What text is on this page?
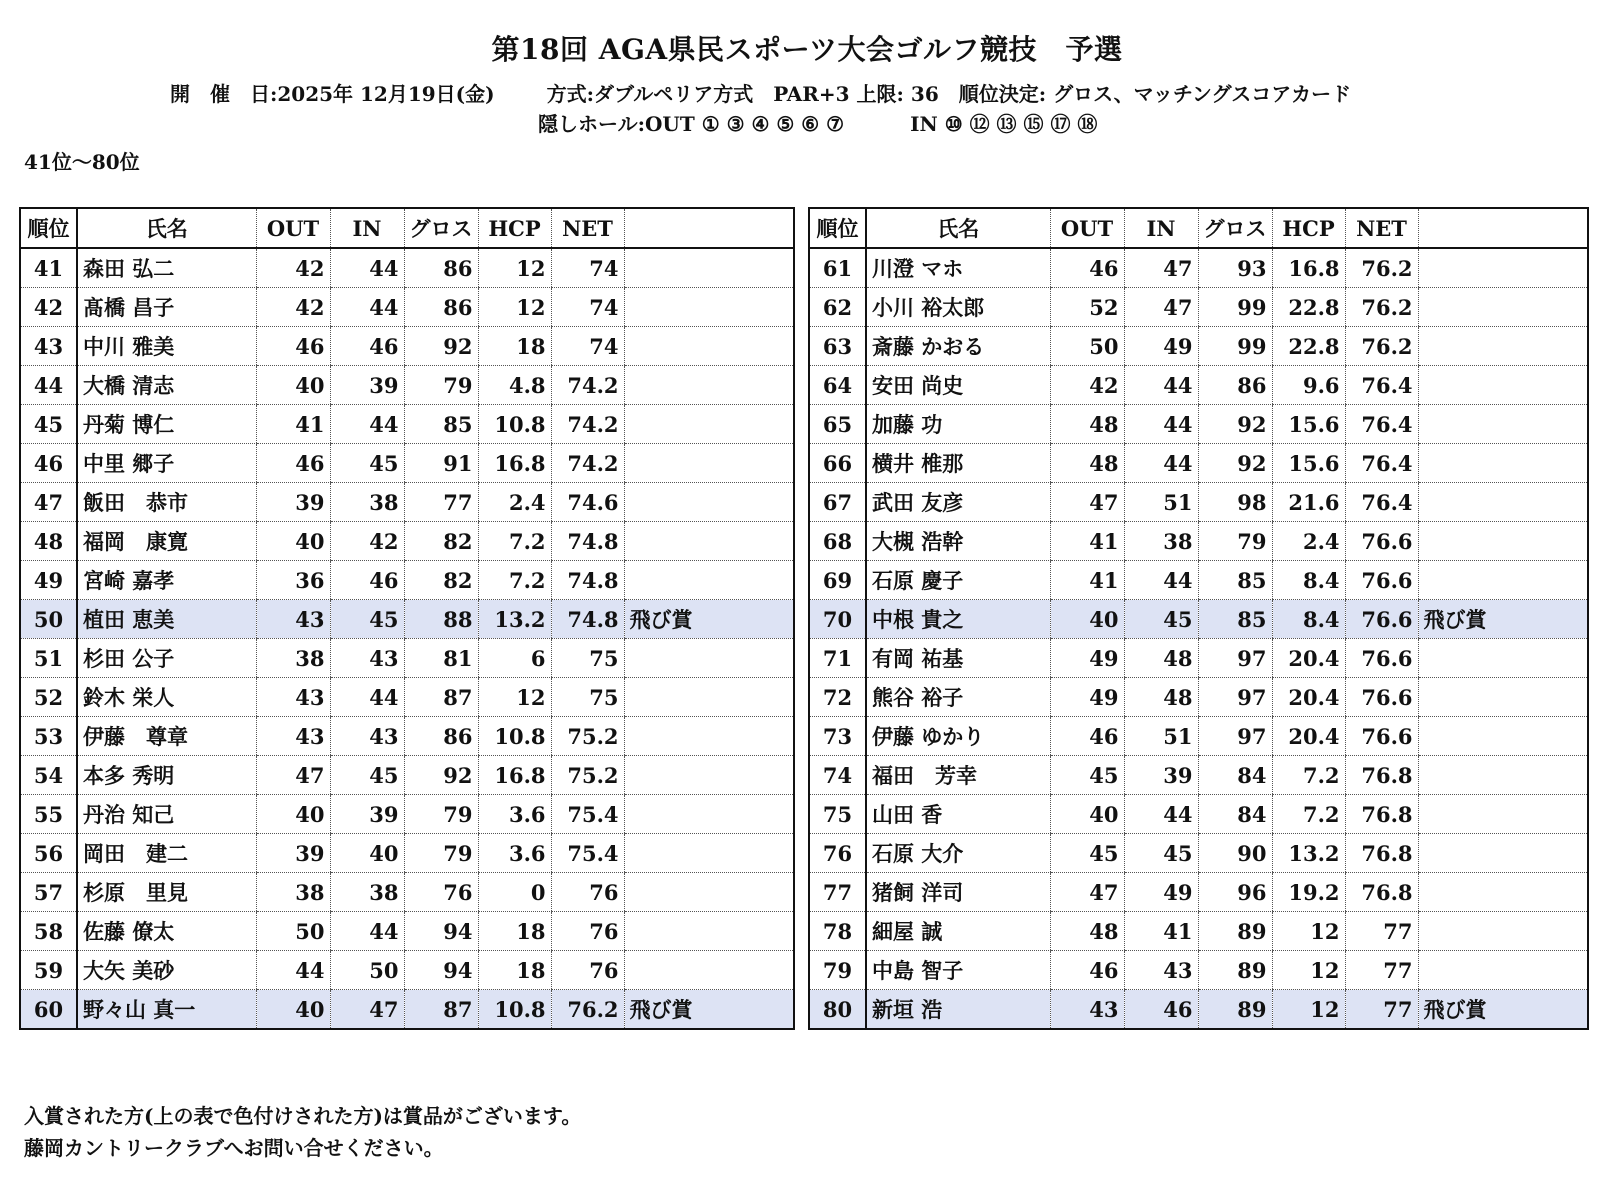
第18回 AGA県民スポーツ大会ゴルフ競技　予選
開　催　日:2025年 12月19日(金)	方式:ダブルペリア方式　PAR+3 上限: 36　順位決定: グロス、マッチングスコアカード
隠しホール:OUT ① ③ ④ ⑤ ⑥ ⑦	IN ⑩ ⑫ ⑬ ⑮ ⑰ ⑱
41位～80位
順位	氏名	OUT	IN	グロス	HCP	NET	
41	森田 弘二	42	44	86	12	74	
42	髙橋 昌子	42	44	86	12	74	
43	中川 雅美	46	46	92	18	74	
44	大橋 清志	40	39	79	4.8	74.2	
45	丹菊 博仁	41	44	85	10.8	74.2	
46	中里 郷子	46	45	91	16.8	74.2	
47	飯田　恭市	39	38	77	2.4	74.6	
48	福岡　康寛	40	42	82	7.2	74.8	
49	宮崎 嘉孝	36	46	82	7.2	74.8	
50	植田 恵美	43	45	88	13.2	74.8	飛び賞
51	杉田 公子	38	43	81	6	75	
52	鈴木 栄人	43	44	87	12	75	
53	伊藤　尊章	43	43	86	10.8	75.2	
54	本多 秀明	47	45	92	16.8	75.2	
55	丹治 知己	40	39	79	3.6	75.4	
56	岡田　建二	39	40	79	3.6	75.4	
57	杉原　里見	38	38	76	0	76	
58	佐藤 僚太	50	44	94	18	76	
59	大矢 美砂	44	50	94	18	76	
60	野々山 真一	40	47	87	10.8	76.2	飛び賞
順位	氏名	OUT	IN	グロス	HCP	NET	
61	川澄 マホ	46	47	93	16.8	76.2	
62	小川 裕太郎	52	47	99	22.8	76.2	
63	斎藤 かおる	50	49	99	22.8	76.2	
64	安田 尚史	42	44	86	9.6	76.4	
65	加藤 功	48	44	92	15.6	76.4	
66	横井 椎那	48	44	92	15.6	76.4	
67	武田 友彦	47	51	98	21.6	76.4	
68	大槻 浩幹	41	38	79	2.4	76.6	
69	石原 慶子	41	44	85	8.4	76.6	
70	中根 貴之	40	45	85	8.4	76.6	飛び賞
71	有岡 祐基	49	48	97	20.4	76.6	
72	熊谷 裕子	49	48	97	20.4	76.6	
73	伊藤 ゆかり	46	51	97	20.4	76.6	
74	福田　芳幸	45	39	84	7.2	76.8	
75	山田 香	40	44	84	7.2	76.8	
76	石原 大介	45	45	90	13.2	76.8	
77	猪飼 洋司	47	49	96	19.2	76.8	
78	細屋 誠	48	41	89	12	77	
79	中島 智子	46	43	89	12	77	
80	新垣 浩	43	46	89	12	77	飛び賞
入賞された方(上の表で色付けされた方)は賞品がございます。
藤岡カントリークラブへお問い合せください。
